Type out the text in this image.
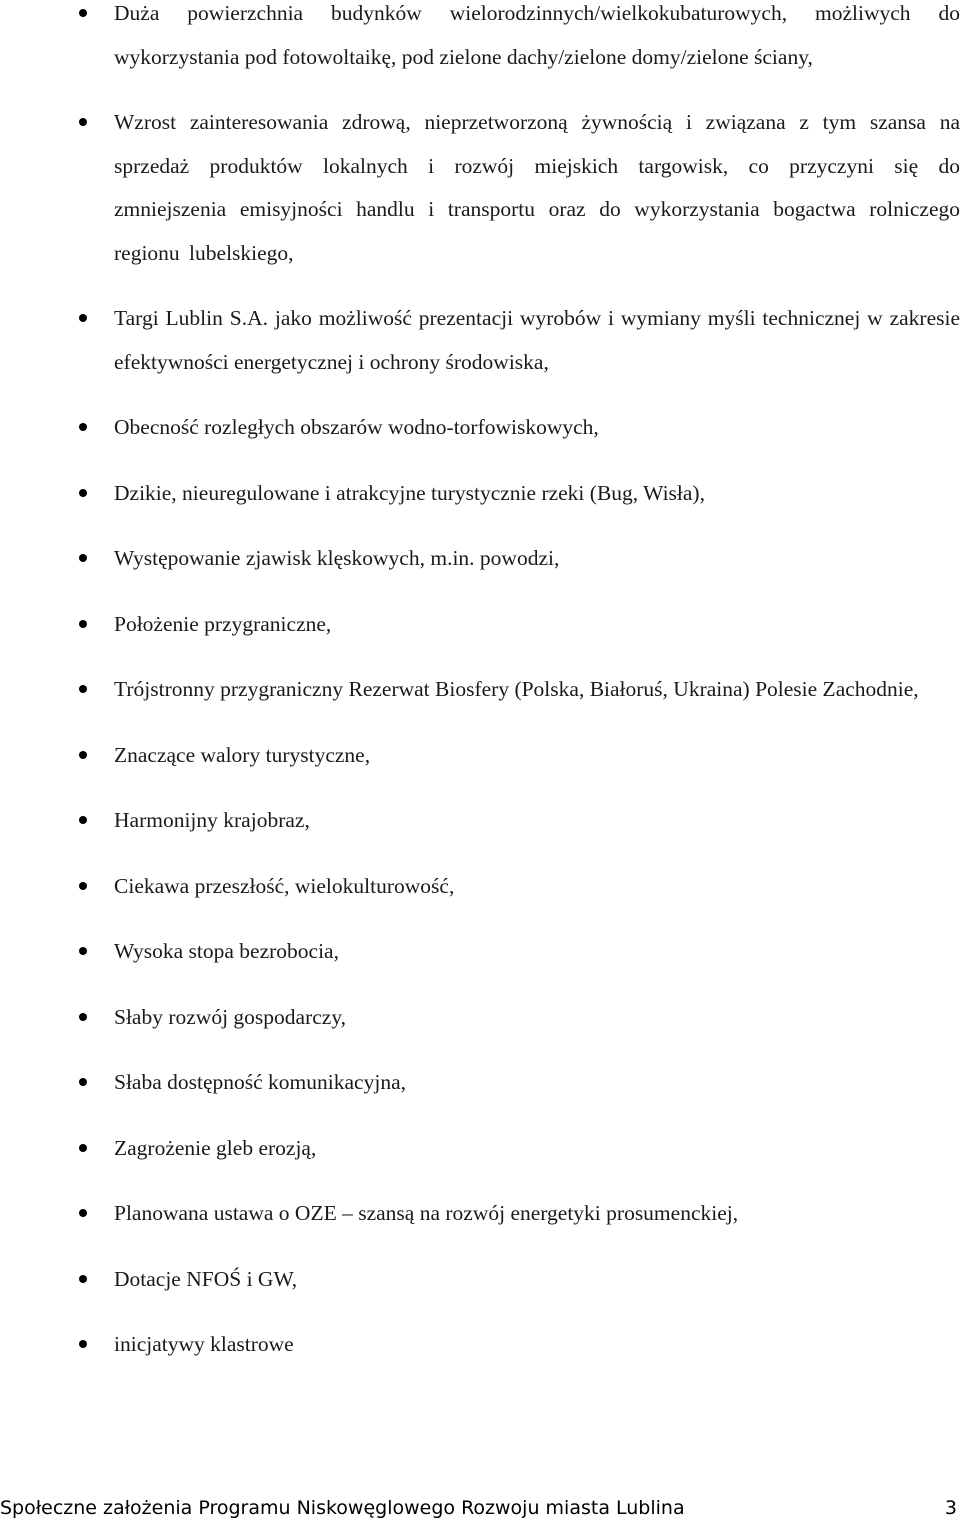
Duża powierzchnia budynków wielorodzinnych/wielkokubaturowych, możliwych do wykorzystania pod fotowoltaikę, pod zielone dachy/zielone domy/zielone ściany,
Wzrost zainteresowania zdrową, nieprzetworzoną żywnością i związana z tym szansa na sprzedaż produktów lokalnych i rozwój miejskich targowisk, co przyczyni się do zmniejszenia emisyjności handlu i transportu oraz do wykorzystania bogactwa rolniczego regionu lubelskiego,
Targi Lublin S.A. jako możliwość prezentacji wyrobów i wymiany myśli technicznej w zakresie efektywności energetycznej i ochrony środowiska,
Obecność rozległych obszarów wodno-torfowiskowych,
Dzikie, nieuregulowane i atrakcyjne turystycznie rzeki (Bug, Wisła),
Występowanie zjawisk klęskowych, m.in. powodzi,
Położenie przygraniczne,
Trójstronny przygraniczny Rezerwat Biosfery (Polska, Białoruś, Ukraina) Polesie Zachodnie,
Znaczące walory turystyczne,
Harmonijny krajobraz,
Ciekawa przeszłość, wielokulturowość,
Wysoka stopa bezrobocia,
Słaby rozwój gospodarczy,
Słaba dostępność komunikacyjna,
Zagrożenie gleb erozją,
Planowana ustawa o OZE – szansą na rozwój energetyki prosumenckiej,
Dotacje NFOŚ i GW,
inicjatywy klastrowe
Społeczne założenia Programu Niskowęglowego Rozwoju miasta Lublina	3
